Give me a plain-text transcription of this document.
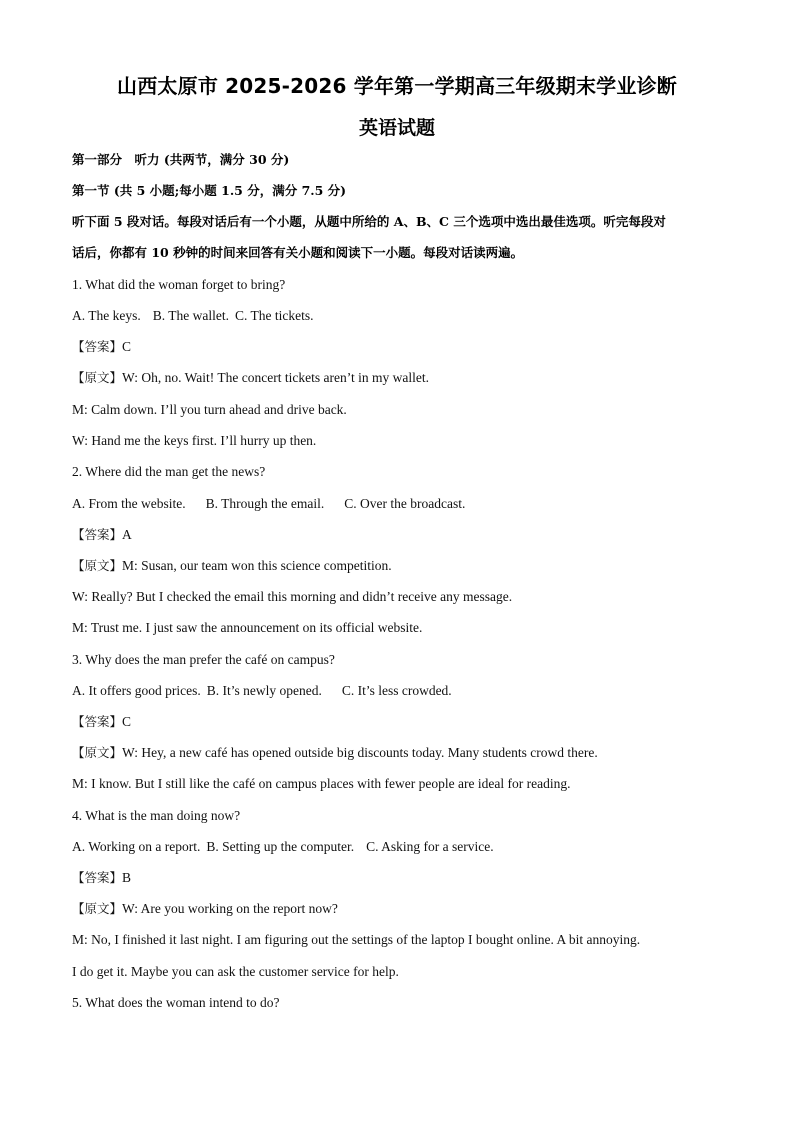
山西太原市 2025-2026 学年第一学期高三年级期末学业诊断
英语试题
第一部分　听力 (共两节，满分 30 分)
第一节 (共 5 小题;每小题 1.5 分，满分 7.5 分)
听下面 5 段对话。每段对话后有一个小题，从题中所给的 A、B、C 三个选项中选出最佳选项。听完每段对
话后，你都有 10 秒钟的时间来回答有关小题和阅读下一小题。每段对话读两遍。
1. What did the woman forget to bring?
A. The keys. B. The wallet. C. The tickets.
【答案】C
【原文】W: Oh, no. Wait! The concert tickets aren’t in my wallet.
M: Calm down. I’ll you turn ahead and drive back.
W: Hand me the keys first. I’ll hurry up then.
2. Where did the man get the news?
A. From the website. B. Through the email. C. Over the broadcast.
【答案】A
【原文】M: Susan, our team won this science competition.
W: Really? But I checked the email this morning and didn’t receive any message.
M: Trust me. I just saw the announcement on its official website.
3. Why does the man prefer the café on campus?
A. It offers good prices. B. It’s newly opened. C. It’s less crowded.
【答案】C
【原文】W: Hey, a new café has opened outside big discounts today. Many students crowd there.
M: I know. But I still like the café on campus places with fewer people are ideal for reading.
4. What is the man doing now?
A. Working on a report. B. Setting up the computer. C. Asking for a service.
【答案】B
【原文】W: Are you working on the report now?
M: No, I finished it last night. I am figuring out the settings of the laptop I bought online. A bit annoying.
I do get it. Maybe you can ask the customer service for help.
5. What does the woman intend to do?
